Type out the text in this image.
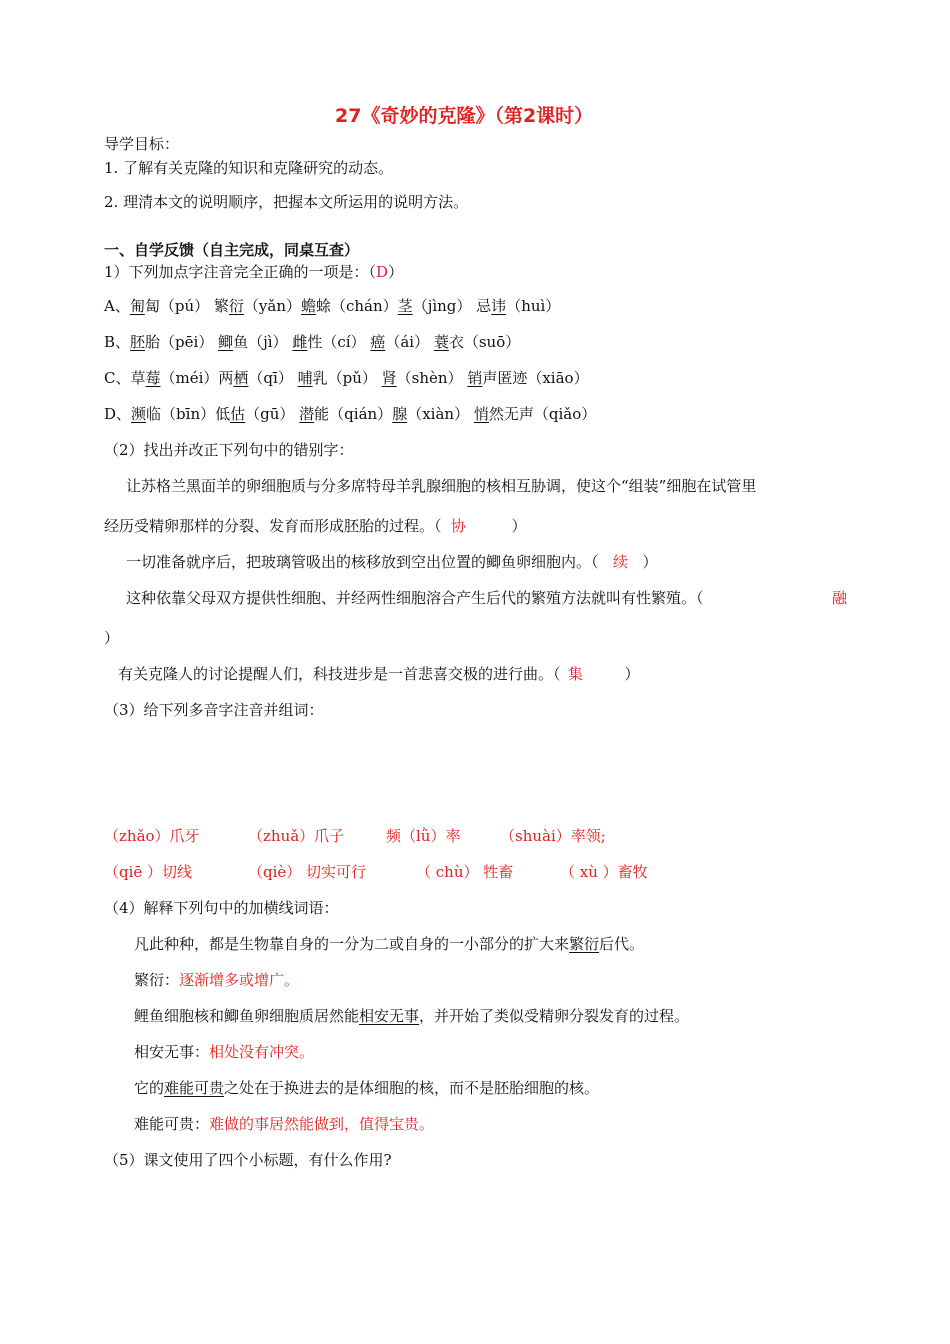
27《奇妙的克隆》（第2课时）
导学目标：
1. 了解有关克隆的知识和克隆研究的动态。
2. 理清本文的说明顺序，把握本文所运用的说明方法。
一、自学反馈（自主完成，同桌互查）
1）下列加点字注音完全正确的一项是：（D）
A、匍匐（pú） 繁衍（yǎn）蟾蜍（chán）茎（jìng） 忌讳（huì）
B、胚胎（pēi） 鲫鱼（jì） 雌性（cí） 癌（ái） 蓑衣（suō）
C、草莓（méi）两栖（qī） 哺乳（pǔ） 肾（shèn） 销声匿迹（xiāo）
D、濒临（bīn）低估（gū） 潜能（qián）腺（xiàn） 悄然无声（qiǎo）
（2）找出并改正下列句中的错别字：
让苏格兰黑面羊的卵细胞质与分多席特母羊乳腺细胞的核相互胁调，使这个“组装”细胞在试管里
经历受精卵那样的分裂、发育而形成胚胎的过程。（ 协	）
一切准备就序后，把玻璃管吸出的核移放到空出位置的鲫鱼卵细胞内。（ 续 ）
这种依靠父母双方提供性细胞、并经两性细胞溶合产生后代的繁殖方法就叫有性繁殖。（	融
）
有关克隆人的讨论提醒人们，科技进步是一首悲喜交极的进行曲。（ 集	）
（3）给下列多音字注音并组词：
（zhǎo）爪牙	（zhuǎ）爪子	频（lǜ）率	（shuài）率领;
（qiē ）切线	（qiè） 切实可行	（ chù） 牲畜	（ xù ）畜牧
（4）解释下列句中的加横线词语：
凡此种种，都是生物靠自身的一分为二或自身的一小部分的扩大来繁衍后代。
繁衍：逐渐增多或增广。
鲤鱼细胞核和鲫鱼卵细胞质居然能相安无事，并开始了类似受精卵分裂发育的过程。
相安无事：相处没有冲突。
它的难能可贵之处在于换进去的是体细胞的核，而不是胚胎细胞的核。
难能可贵：难做的事居然能做到，值得宝贵。
（5）课文使用了四个小标题，有什么作用?
